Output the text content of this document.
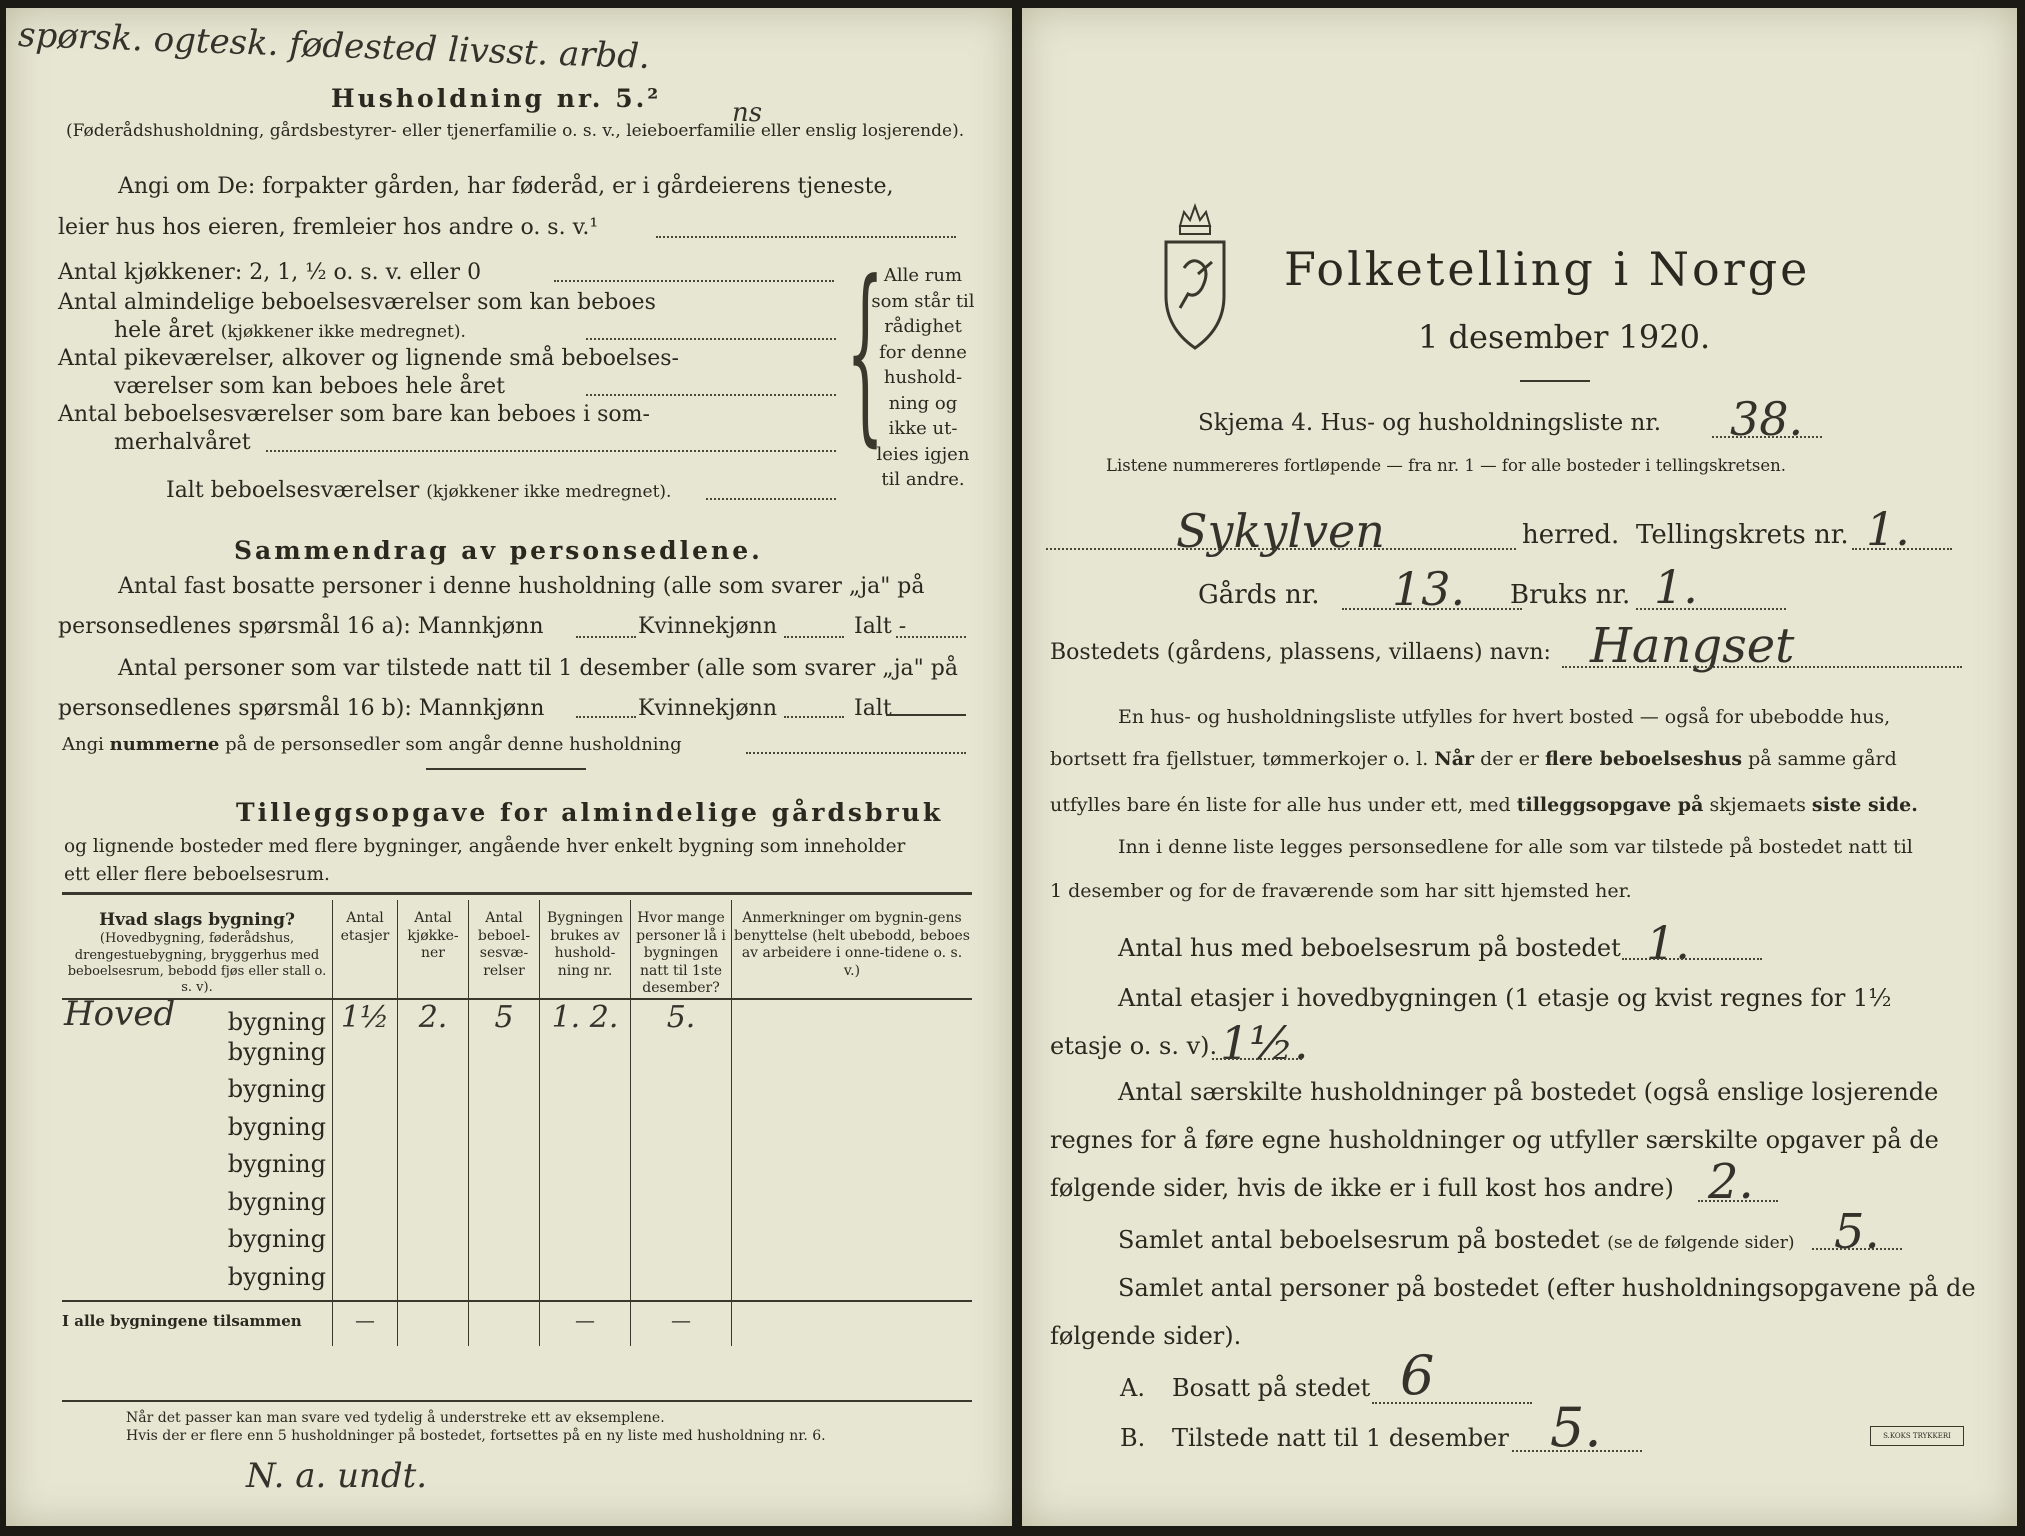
spørsk. ogtesk. fødested livsst. arbd.
ns
Husholdning nr. 5.²
(Føderådshusholdning, gårdsbestyrer- eller tjenerfamilie o. s. v., leieboerfamilie eller enslig losjerende).
Angi om De: forpakter gården, har føderåd, er i gårdeierens tjeneste,
leier hus hos eieren, fremleier hos andre o. s. v.¹
Antal kjøkkener: 2, 1, ½ o. s. v. eller 0
Antal almindelige beboelsesværelser som kan beboes
hele året (kjøkkener ikke medregnet).
Antal pikeværelser, alkover og lignende små beboelses-
værelser som kan beboes hele året
Antal beboelsesværelser som bare kan beboes i som-
merhalvåret
Ialt beboelsesværelser (kjøkkener ikke medregnet).
{ Alle rum
som står til
rådighet
for denne
hushold-
ning og
ikke ut-
leies igjen
til andre.
Sammendrag av personsedlene.
Antal fast bosatte personer i denne husholdning (alle som svarer „ja" på
personsedlenes spørsmål 16 a): Mannkjønn	Kvinnekjønn	Ialt -
Antal personer som var tilstede natt til 1 desember (alle som svarer „ja" på
personsedlenes spørsmål 16 b): Mannkjønn	Kvinnekjønn	Ialt
Angi nummerne på de personsedler som angår denne husholdning
Tilleggsopgave for almindelige gårdsbruk
og lignende bosteder med flere bygninger, angående hver enkelt bygning som inneholder
ett eller flere beboelsesrum.
Hvad slags bygning?
(Hovedbygning, føderådshus, drengestuebygning, bryggerhus med beboelsesrum, bebodd fjøs eller stall o. s. v).	Antal etasjer	Antal kjøkke-ner	Antal beboel-sesvæ-relser	Bygningen brukes av hushold-ning nr.	Hvor mange personer lå i bygningen natt til 1ste desember?	Anmerkninger om bygnin-gens benyttelse (helt ubebodd, beboes av arbeidere i onne-tidene o. s. v.)

Hoved bygning	1½	2.	5	1. 2.	5.	
bygning						
bygning						
bygning						
bygning						
bygning						
bygning						
bygning						
I alle bygningene tilsammen	—			—	—	
Når det passer kan man svare ved tydelig å understreke ett av eksemplene.
Hvis der er flere enn 5 husholdninger på bostedet, fortsettes på en ny liste med husholdning nr. 6.
N. a. undt.
Folketelling i Norge
1 desember 1920.
Skjema 4. Hus- og husholdningsliste nr. 38.
Listene nummereres fortløpende — fra nr. 1 — for alle bosteder i tellingskretsen.
Sykylven	herred. Tellingskrets nr. 1.
Gårds nr. 13. Bruks nr. 1.
Bostedets (gårdens, plassens, villaens) navn: Hangset
En hus- og husholdningsliste utfylles for hvert bosted — også for ubebodde hus,
bortsett fra fjellstuer, tømmerkojer o. l. Når der er flere beboelseshus på samme gård
utfylles bare én liste for alle hus under ett, med tilleggsopgave på skjemaets siste side.
Inn i denne liste legges personsedlene for alle som var tilstede på bostedet natt til
1 desember og for de fraværende som har sitt hjemsted her.
Antal hus med beboelsesrum på bostedet 1.
Antal etasjer i hovedbygningen (1 etasje og kvist regnes for 1½
etasje o. s. v). 1½.
Antal særskilte husholdninger på bostedet (også enslige losjerende
regnes for å føre egne husholdninger og utfyller særskilte opgaver på de
følgende sider, hvis de ikke er i full kost hos andre) 2.
Samlet antal beboelsesrum på bostedet (se de følgende sider) 5.
Samlet antal personer på bostedet (efter husholdningsopgavene på de
følgende sider).
A. Bosatt på stedet 6
B. Tilstede natt til 1 desember 5.	S.KOKS TRYKKERI
